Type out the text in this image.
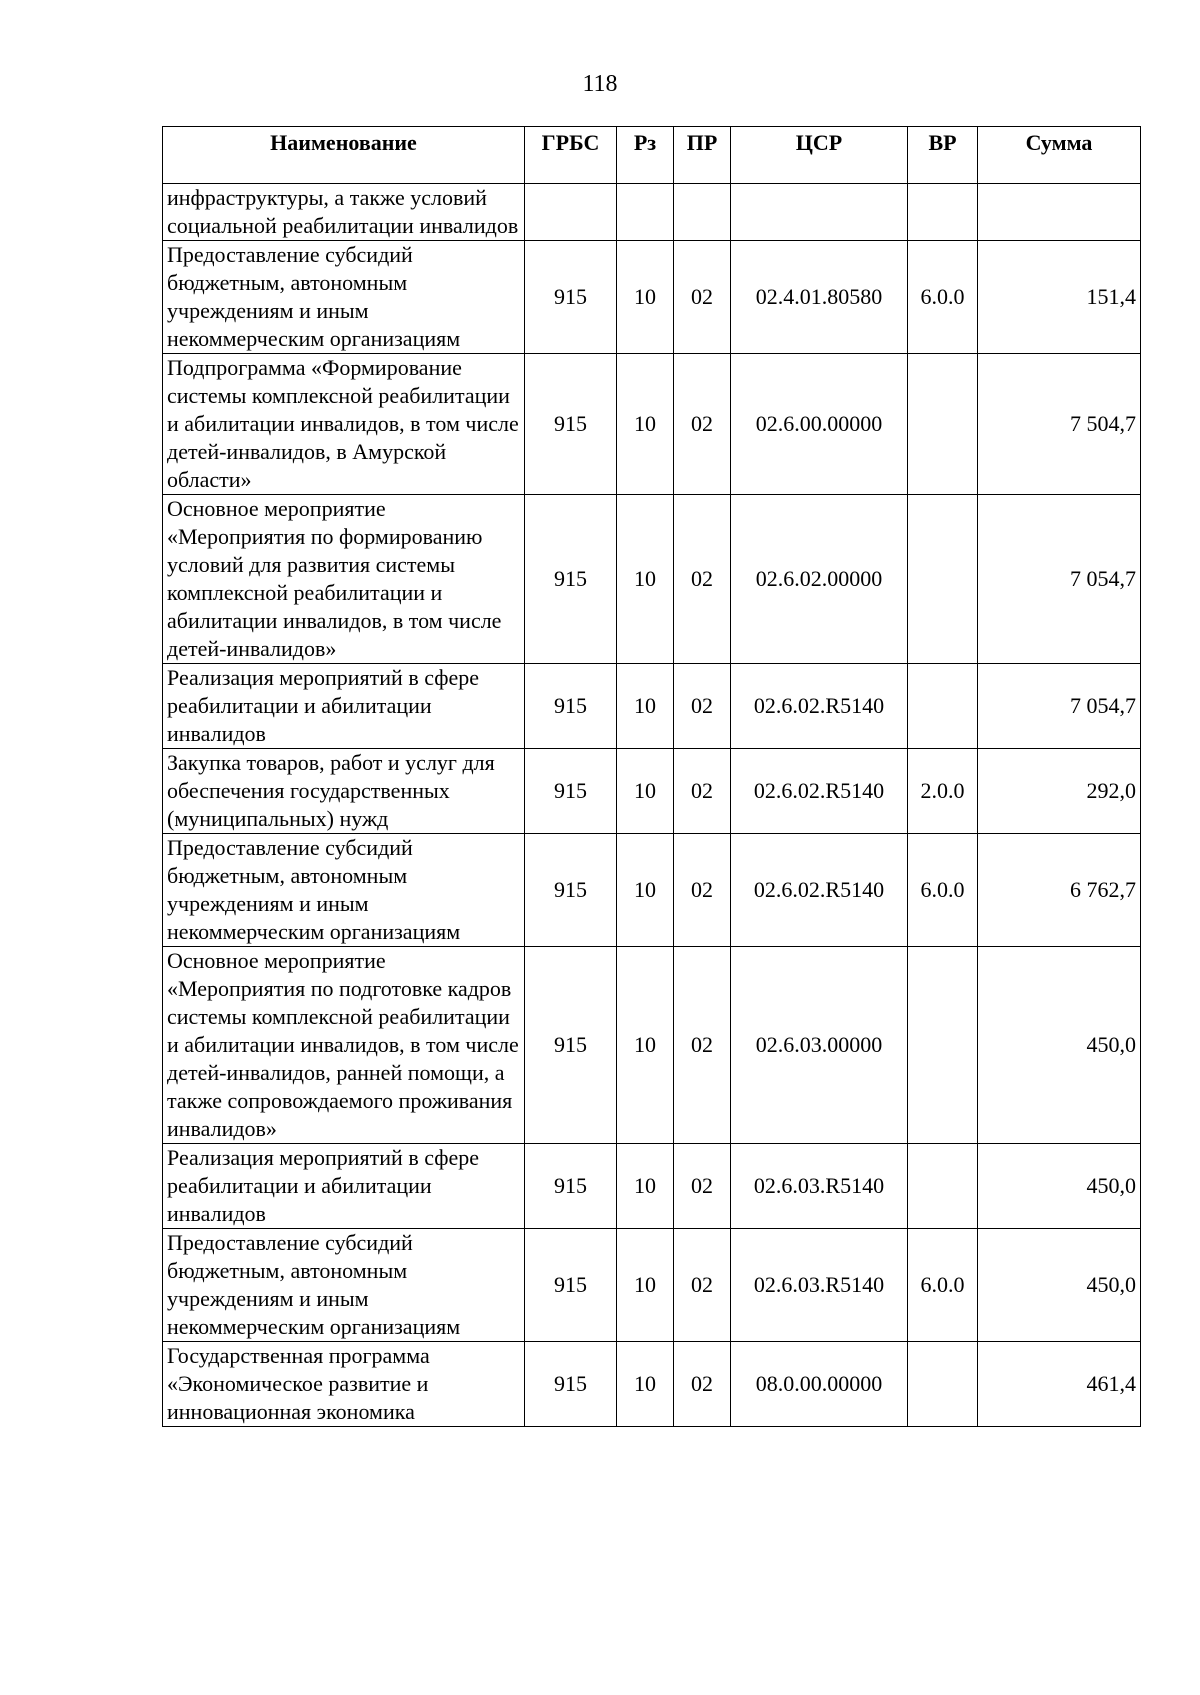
118
Наименование	ГРБС	Рз	ПР	ЦСР	ВР	Сумма
инфраструктуры, а также условий социальной реабилитации инвалидов						
Предоставление субсидий бюджетным, автономным учреждениям и иным некоммерческим организациям	915	10	02	02.4.01.80580	6.0.0	151,4
Подпрограмма «Формирование системы комплексной реабилитации и абилитации инвалидов, в том числе детей-инвалидов, в Амурской области»	915	10	02	02.6.00.00000		7 504,7
Основное мероприятие «Мероприятия по формированию условий для развития системы комплексной реабилитации и абилитации инвалидов, в том числе детей-инвалидов»	915	10	02	02.6.02.00000		7 054,7
Реализация мероприятий в сфере реабилитации и абилитации инвалидов	915	10	02	02.6.02.R5140		7 054,7
Закупка товаров, работ и услуг для обеспечения государственных (муниципальных) нужд	915	10	02	02.6.02.R5140	2.0.0	292,0
Предоставление субсидий бюджетным, автономным учреждениям и иным некоммерческим организациям	915	10	02	02.6.02.R5140	6.0.0	6 762,7
Основное мероприятие «Мероприятия по подготовке кадров системы комплексной реабилитации и абилитации инвалидов, в том числе детей-инвалидов, ранней помощи, а также сопровождаемого проживания инвалидов»	915	10	02	02.6.03.00000		450,0
Реализация мероприятий в сфере реабилитации и абилитации инвалидов	915	10	02	02.6.03.R5140		450,0
Предоставление субсидий бюджетным, автономным учреждениям и иным некоммерческим организациям	915	10	02	02.6.03.R5140	6.0.0	450,0
Государственная программа «Экономическое развитие и инновационная экономика	915	10	02	08.0.00.00000		461,4
